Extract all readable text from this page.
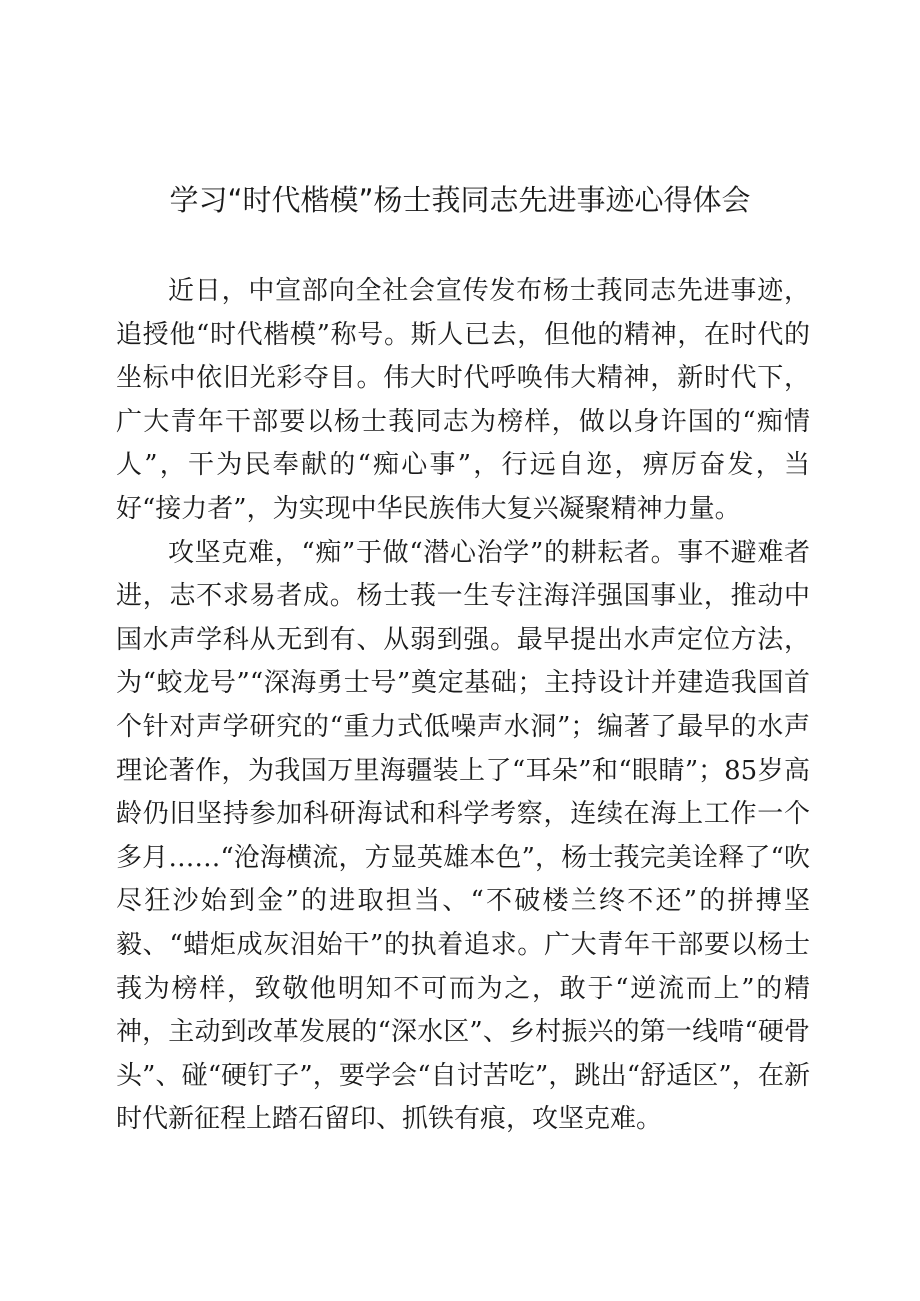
学习“时代楷模”杨士莪同志先进事迹心得体会

近日，中宣部向全社会宣传发布杨士莪同志先进事迹，追授他“时代楷模”称号。斯人已去，但他的精神，在时代的坐标中依旧光彩夺目。伟大时代呼唤伟大精神，新时代下，广大青年干部要以杨士莪同志为榜样，做以身许国的“痴情人”，干为民奉献的“痴心事”，行远自迩，痹厉奋发，当好“接力者”，为实现中华民族伟大复兴凝聚精神力量。

攻坚克难，“痴”于做“潜心治学”的耕耘者。事不避难者进，志不求易者成。杨士莪一生专注海洋强国事业，推动中国水声学科从无到有、从弱到强。最早提出水声定位方法，为“蛟龙号”“深海勇士号”奠定基础；主持设计并建造我国首个针对声学研究的“重力式低噪声水洞”；编著了最早的水声理论著作，为我国万里海疆装上了“耳朵”和“眼睛”；85岁高龄仍旧坚持参加科研海试和科学考察，连续在海上工作一个多月……“沧海横流，方显英雄本色”，杨士莪完美诠释了“吹尽狂沙始到金”的进取担当、“不破楼兰终不还”的拼搏坚毅、“蜡炬成灰泪始干”的执着追求。广大青年干部要以杨士莪为榜样，致敬他明知不可而为之，敢于“逆流而上”的精神，主动到改革发展的“深水区”、乡村振兴的第一线啃“硬骨头”、碰“硬钉子”，要学会“自讨苦吃”，跳出“舒适区”，在新时代新征程上踏石留印、抓铁有痕，攻坚克难。
